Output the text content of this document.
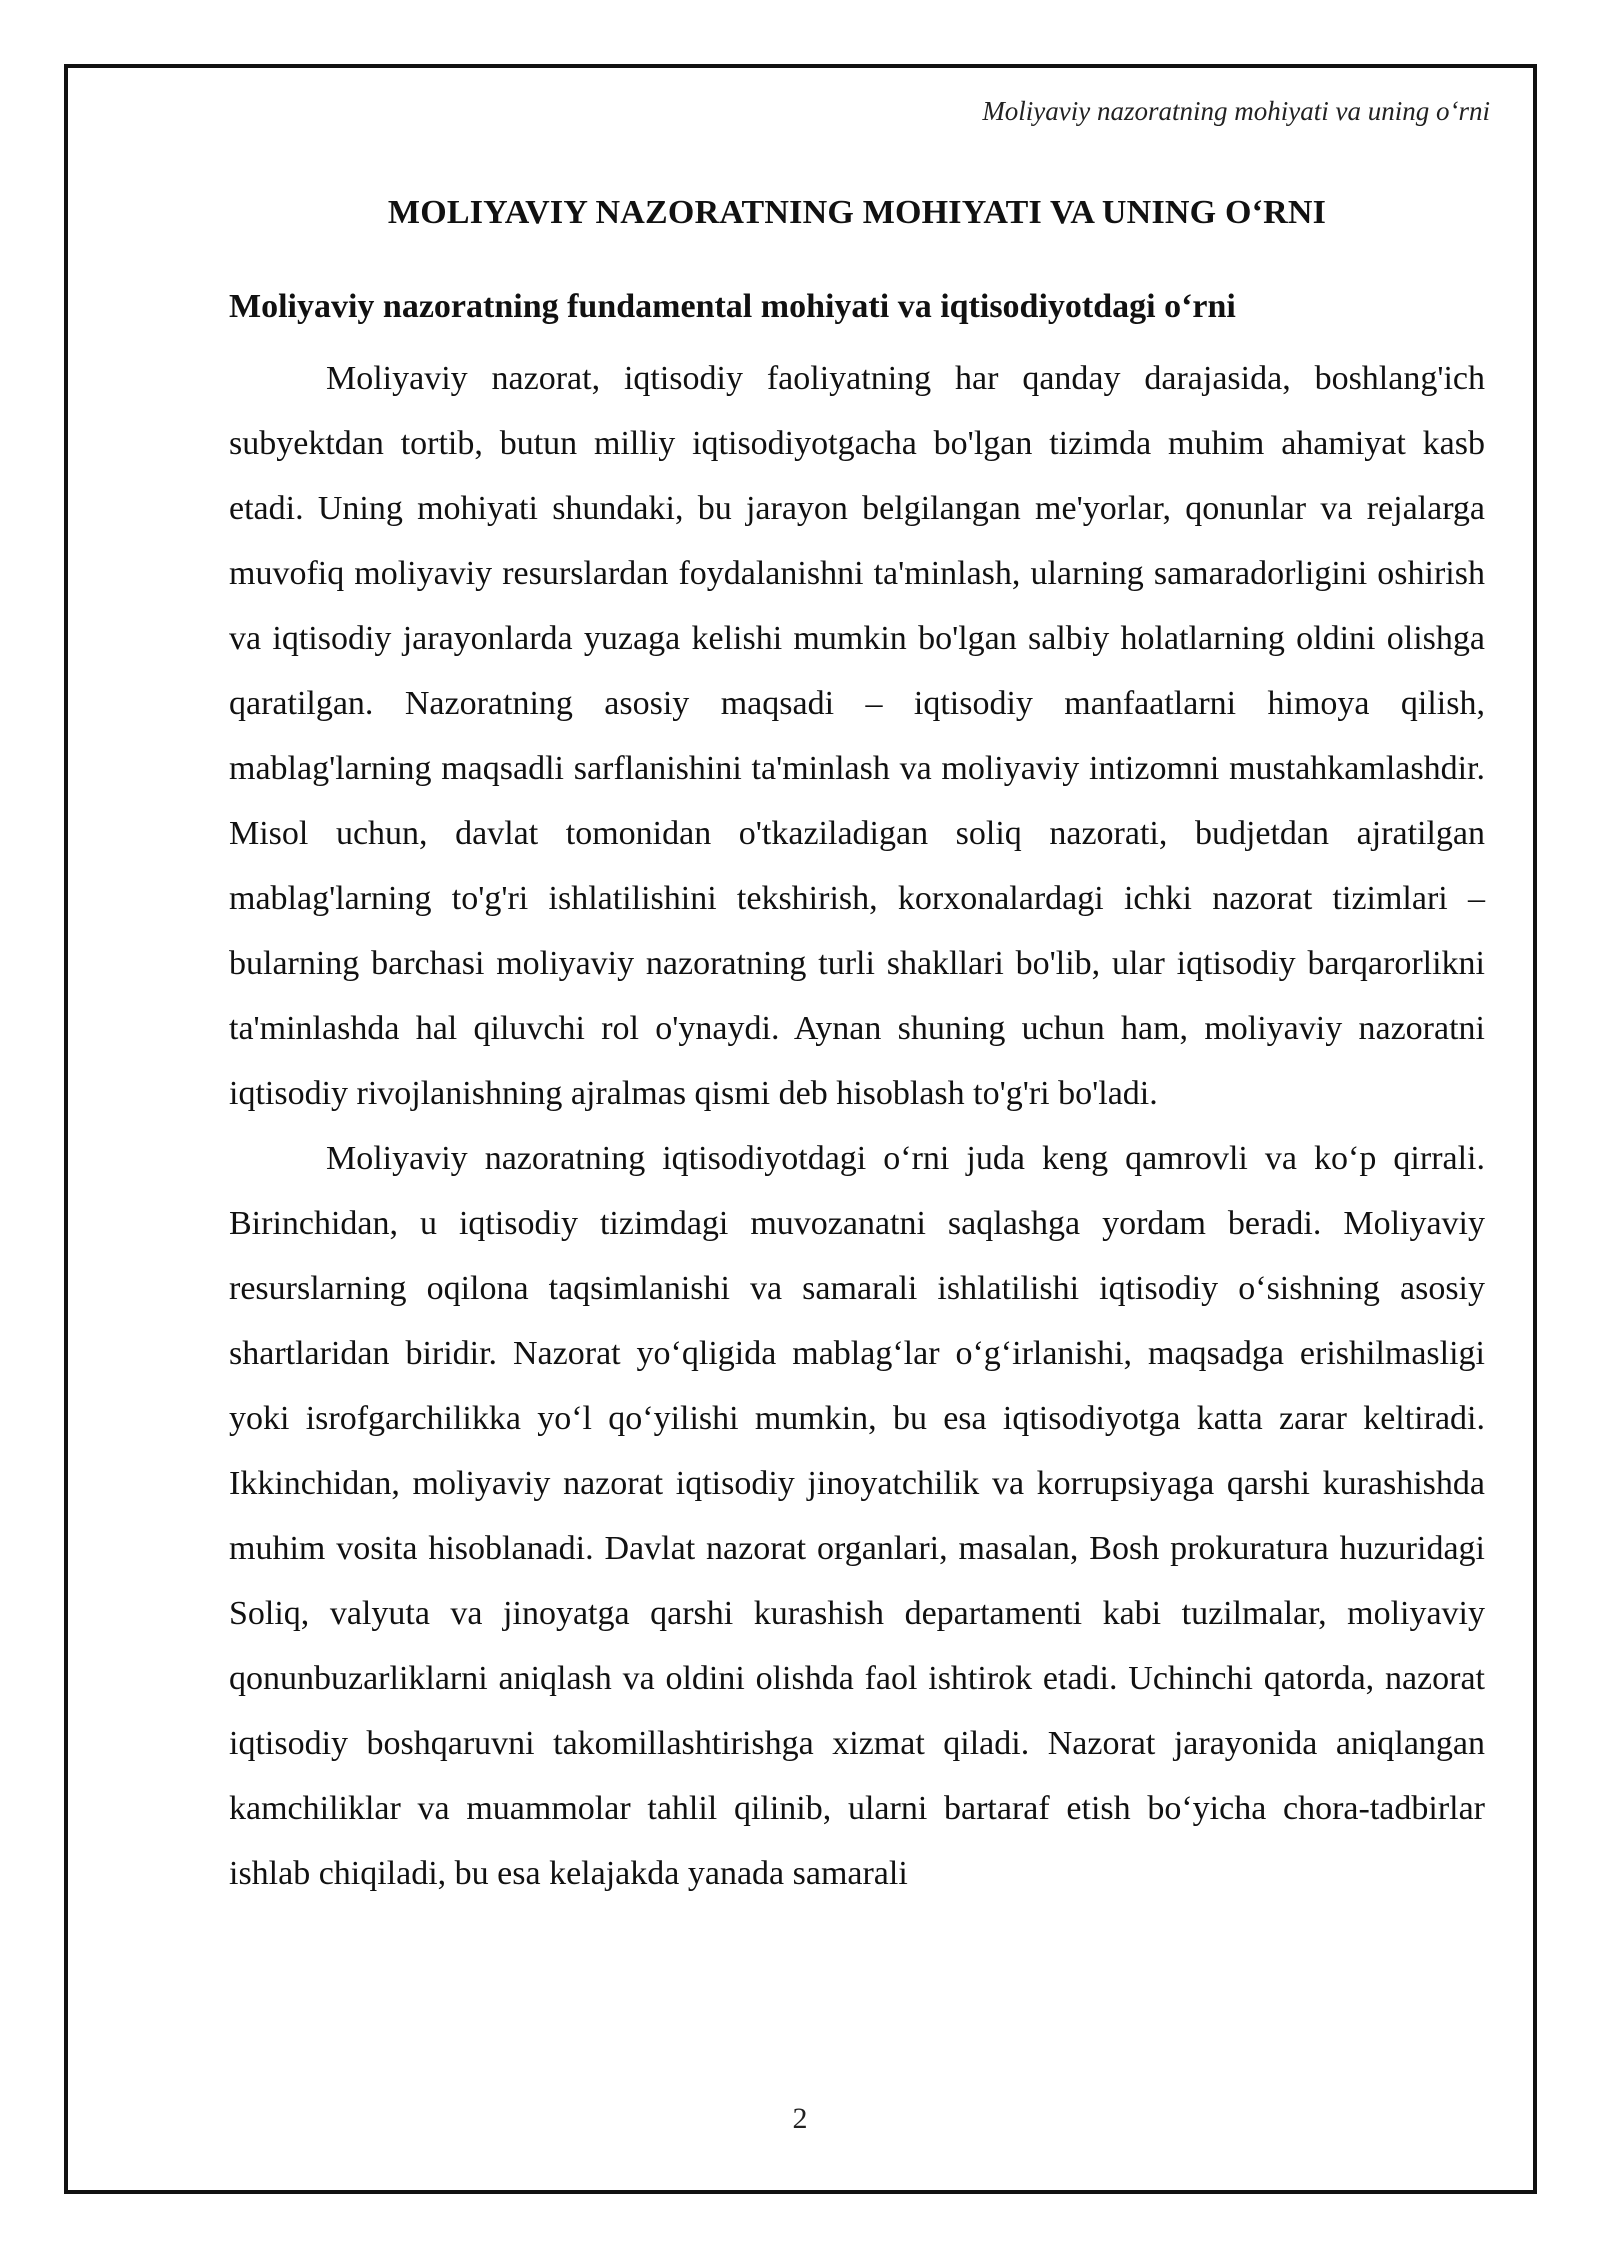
Moliyaviy nazoratning mohiyati va uning o‘rni
MOLIYAVIY NAZORATNING MOHIYATI VA UNING O‘RNI
Moliyaviy nazoratning fundamental mohiyati va iqtisodiyotdagi o‘rni

Moliyaviy nazorat, iqtisodiy faoliyatning har qanday darajasida, boshlang'ich subyektdan tortib, butun milliy iqtisodiyotgacha bo'lgan tizimda muhim ahamiyat kasb etadi. Uning mohiyati shundaki, bu jarayon belgilangan me'yorlar, qonunlar va rejalarga muvofiq moliyaviy resurslardan foydalanishni ta'minlash, ularning samaradorligini oshirish va iqtisodiy jarayonlarda yuzaga kelishi mumkin bo'lgan salbiy holatlarning oldini olishga qaratilgan. Nazoratning asosiy maqsadi – iqtisodiy manfaatlarni himoya qilish, mablag'larning maqsadli sarflanishini ta'minlash va moliyaviy intizomni mustahkamlashdir. Misol uchun, davlat tomonidan o'tkaziladigan soliq nazorati, budjetdan ajratilgan mablag'larning to'g'ri ishlatilishini tekshirish, korxonalardagi ichki nazorat tizimlari – bularning barchasi moliyaviy nazoratning turli shakllari bo'lib, ular iqtisodiy barqarorlikni ta'minlashda hal qiluvchi rol o'ynaydi. Aynan shuning uchun ham, moliyaviy nazoratni iqtisodiy rivojlanishning ajralmas qismi deb hisoblash to'g'ri bo'ladi.

Moliyaviy nazoratning iqtisodiyotdagi o‘rni juda keng qamrovli va ko‘p qirrali. Birinchidan, u iqtisodiy tizimdagi muvozanatni saqlashga yordam beradi. Moliyaviy resurslarning oqilona taqsimlanishi va samarali ishlatilishi iqtisodiy o‘sishning asosiy shartlaridan biridir. Nazorat yo‘qligida mablag‘lar o‘g‘irlanishi, maqsadga erishilmasligi yoki isrofgarchilikka yo‘l qo‘yilishi mumkin, bu esa iqtisodiyotga katta zarar keltiradi. Ikkinchidan, moliyaviy nazorat iqtisodiy jinoyatchilik va korrupsiyaga qarshi kurashishda muhim vosita hisoblanadi. Davlat nazorat organlari, masalan, Bosh prokuratura huzuridagi Soliq, valyuta va jinoyatga qarshi kurashish departamenti kabi tuzilmalar, moliyaviy qonunbuzarliklarni aniqlash va oldini olishda faol ishtirok etadi. Uchinchi qatorda, nazorat iqtisodiy boshqaruvni takomillashtirishga xizmat qiladi. Nazorat jarayonida aniqlangan kamchiliklar va muammolar tahlil qilinib, ularni bartaraf etish bo‘yicha chora-tadbirlar ishlab chiqiladi, bu esa kelajakda yanada samarali

2
